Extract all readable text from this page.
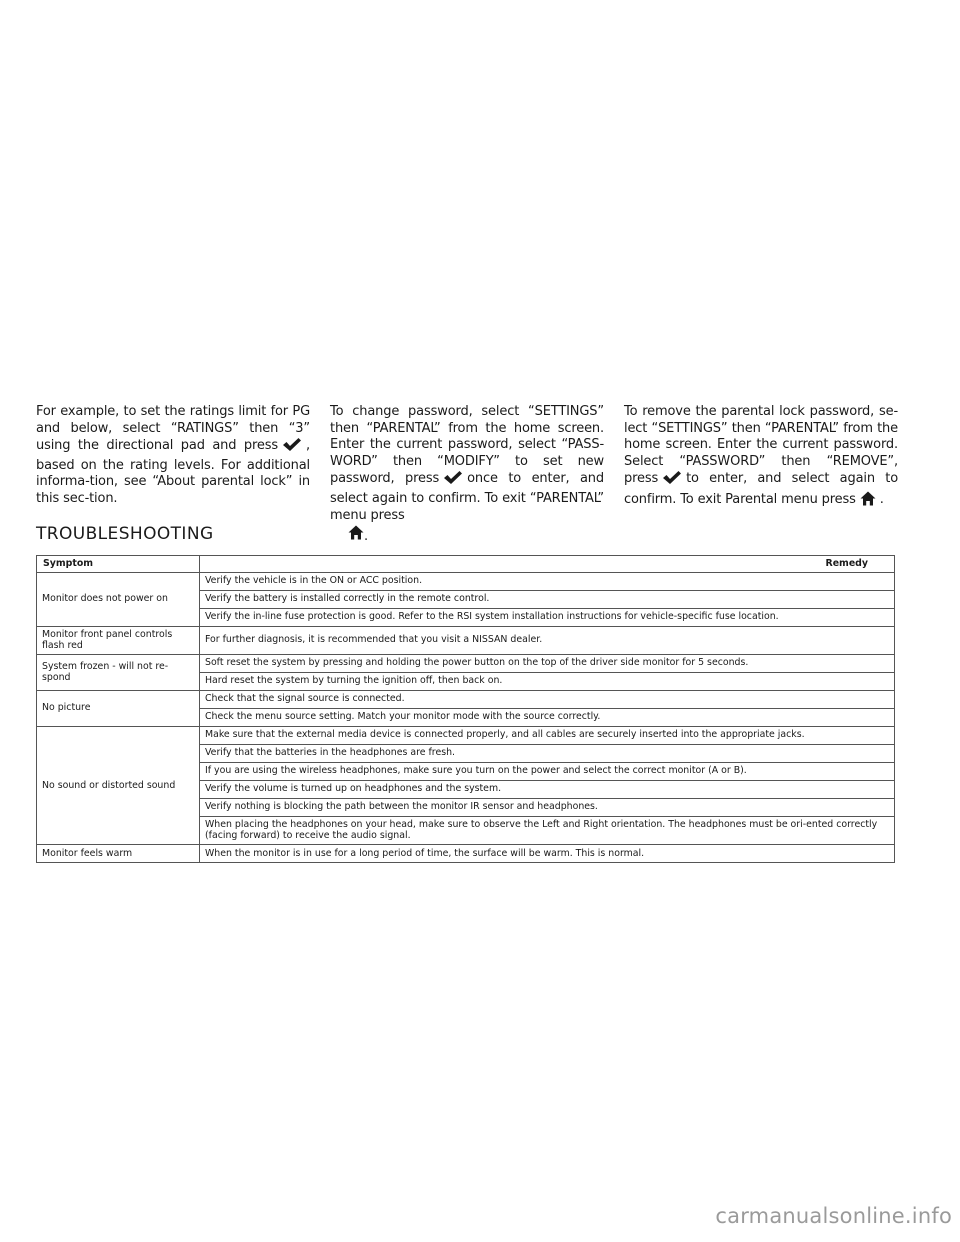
For example, to set the ratings limit for PG and below, select “RATINGS” then “3” using the directional pad and press , based on the rating levels. For additional informa-tion, see “About parental lock” in this sec-tion.
To change password, select “SETTINGS” then “PARENTAL” from the home screen. Enter the current password, select “PASS-WORD” then “MODIFY” to set new password, press once to enter, and select again to confirm. To exit “PARENTAL” menu press
.
To remove the parental lock password, se-lect “SETTINGS” then “PARENTAL” from the home screen. Enter the current password. Select “PASSWORD” then “REMOVE”, press to enter, and select again to confirm. To exit Parental menu press .
TROUBLESHOOTING
Symptom	Remedy
Monitor does not power on	Verify the vehicle is in the ON or ACC position.
	Verify the battery is installed correctly in the remote control.
	Verify the in-line fuse protection is good. Refer to the RSI system installation instructions for vehicle-specific fuse location.
Monitor front panel controls flash red	For further diagnosis, it is recommended that you visit a NISSAN dealer.
System frozen - will not re-spond	Soft reset the system by pressing and holding the power button on the top of the driver side monitor for 5 seconds.
	Hard reset the system by turning the ignition off, then back on.
No picture	Check that the signal source is connected.
	Check the menu source setting. Match your monitor mode with the source correctly.
No sound or distorted sound	Make sure that the external media device is connected properly, and all cables are securely inserted into the appropriate jacks.
	Verify that the batteries in the headphones are fresh.
	If you are using the wireless headphones, make sure you turn on the power and select the correct monitor (A or B).
	Verify the volume is turned up on headphones and the system.
	Verify nothing is blocking the path between the monitor IR sensor and headphones.
	When placing the headphones on your head, make sure to observe the Left and Right orientation. The headphones must be ori-ented correctly (facing forward) to receive the audio signal.
Monitor feels warm	When the monitor is in use for a long period of time, the surface will be warm. This is normal.
carmanualsonline.info
